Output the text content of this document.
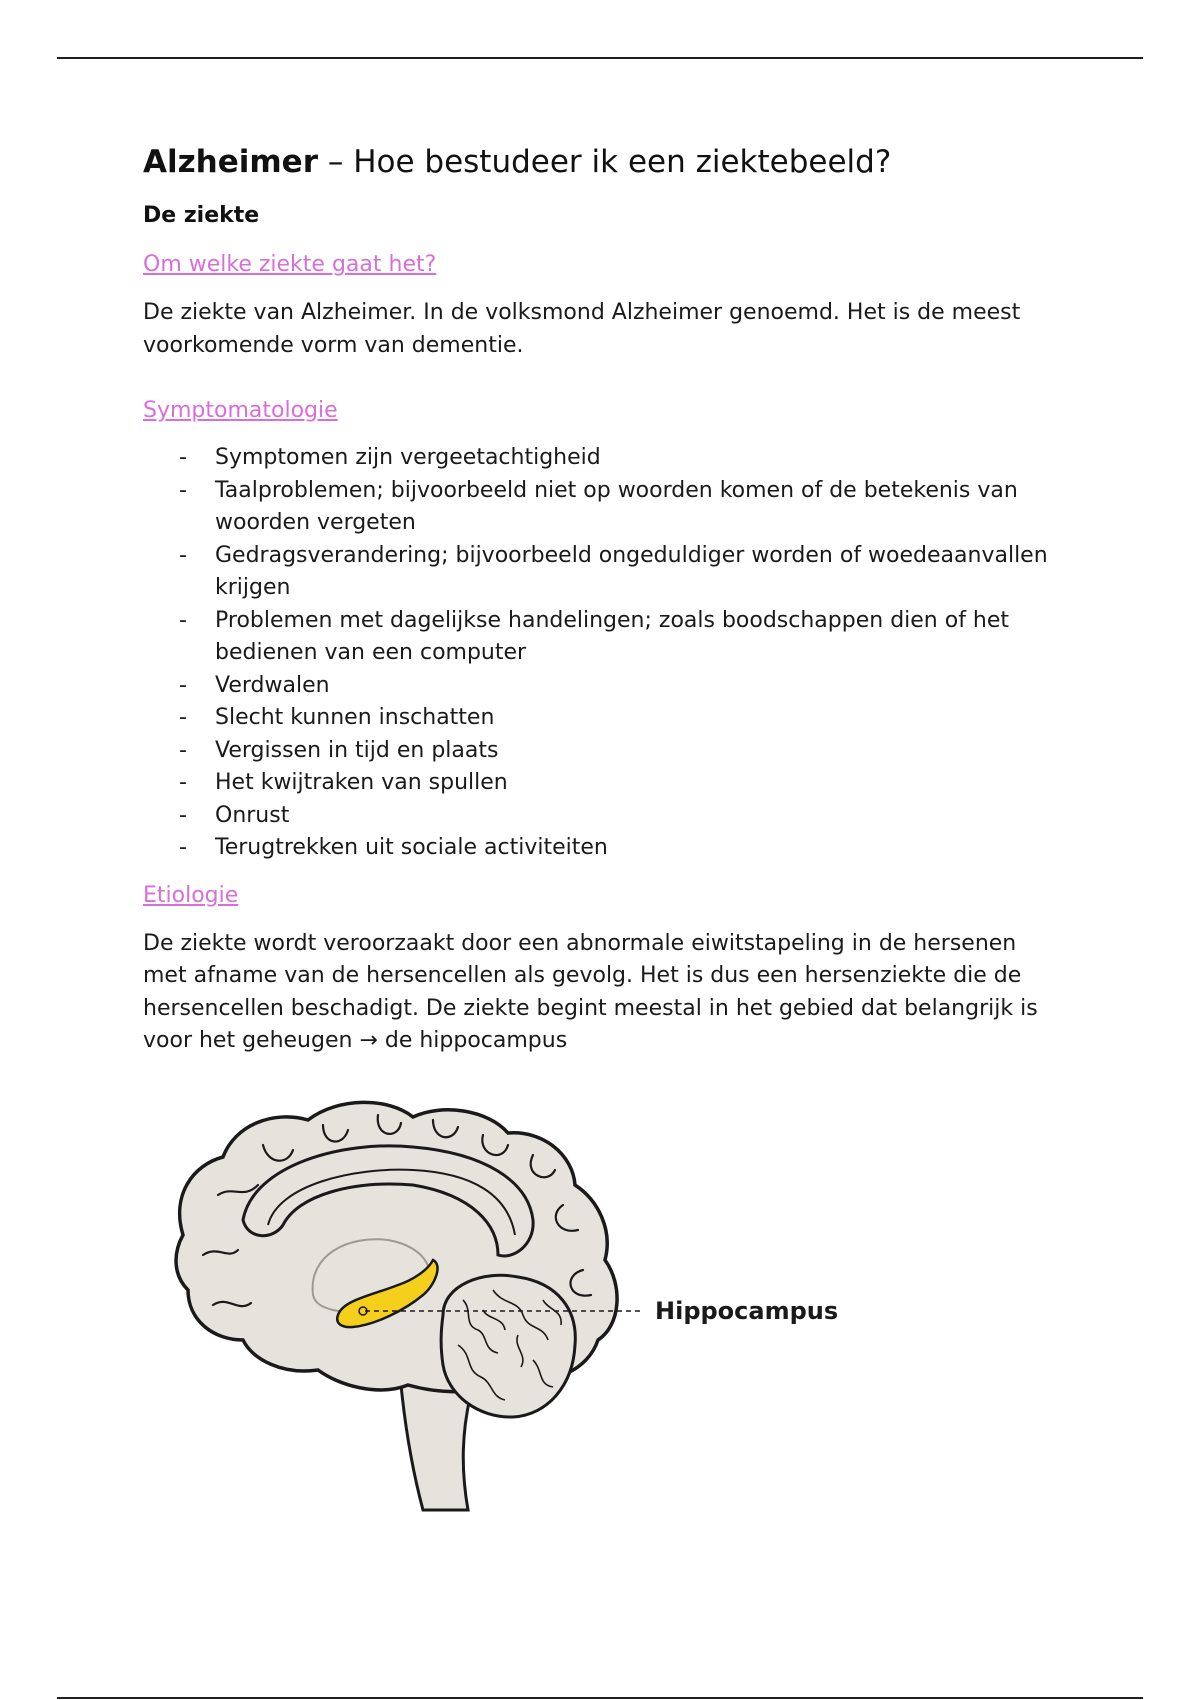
Alzheimer – Hoe bestudeer ik een ziektebeeld?
De ziekte
Om welke ziekte gaat het?

De ziekte van Alzheimer. In de volksmond Alzheimer genoemd. Het is de meest voorkomende vorm van dementie.

Symptomatologie
- Symptomen zijn vergeetachtigheid
- Taalproblemen; bijvoorbeeld niet op woorden komen of de betekenis van woorden vergeten
- Gedragsverandering; bijvoorbeeld ongeduldiger worden of woedeaanvallen krijgen
- Problemen met dagelijkse handelingen; zoals boodschappen dien of het bedienen van een computer
- Verdwalen
- Slecht kunnen inschatten
- Vergissen in tijd en plaats
- Het kwijtraken van spullen
- Onrust
- Terugtrekken uit sociale activiteiten
Etiologie

De ziekte wordt veroorzaakt door een abnormale eiwitstapeling in de hersenen met afname van de hersencellen als gevolg. Het is dus een hersenziekte die de hersencellen beschadigt. De ziekte begint meestal in het gebied dat belangrijk is voor het geheugen → de hippocampus

Hippocampus
